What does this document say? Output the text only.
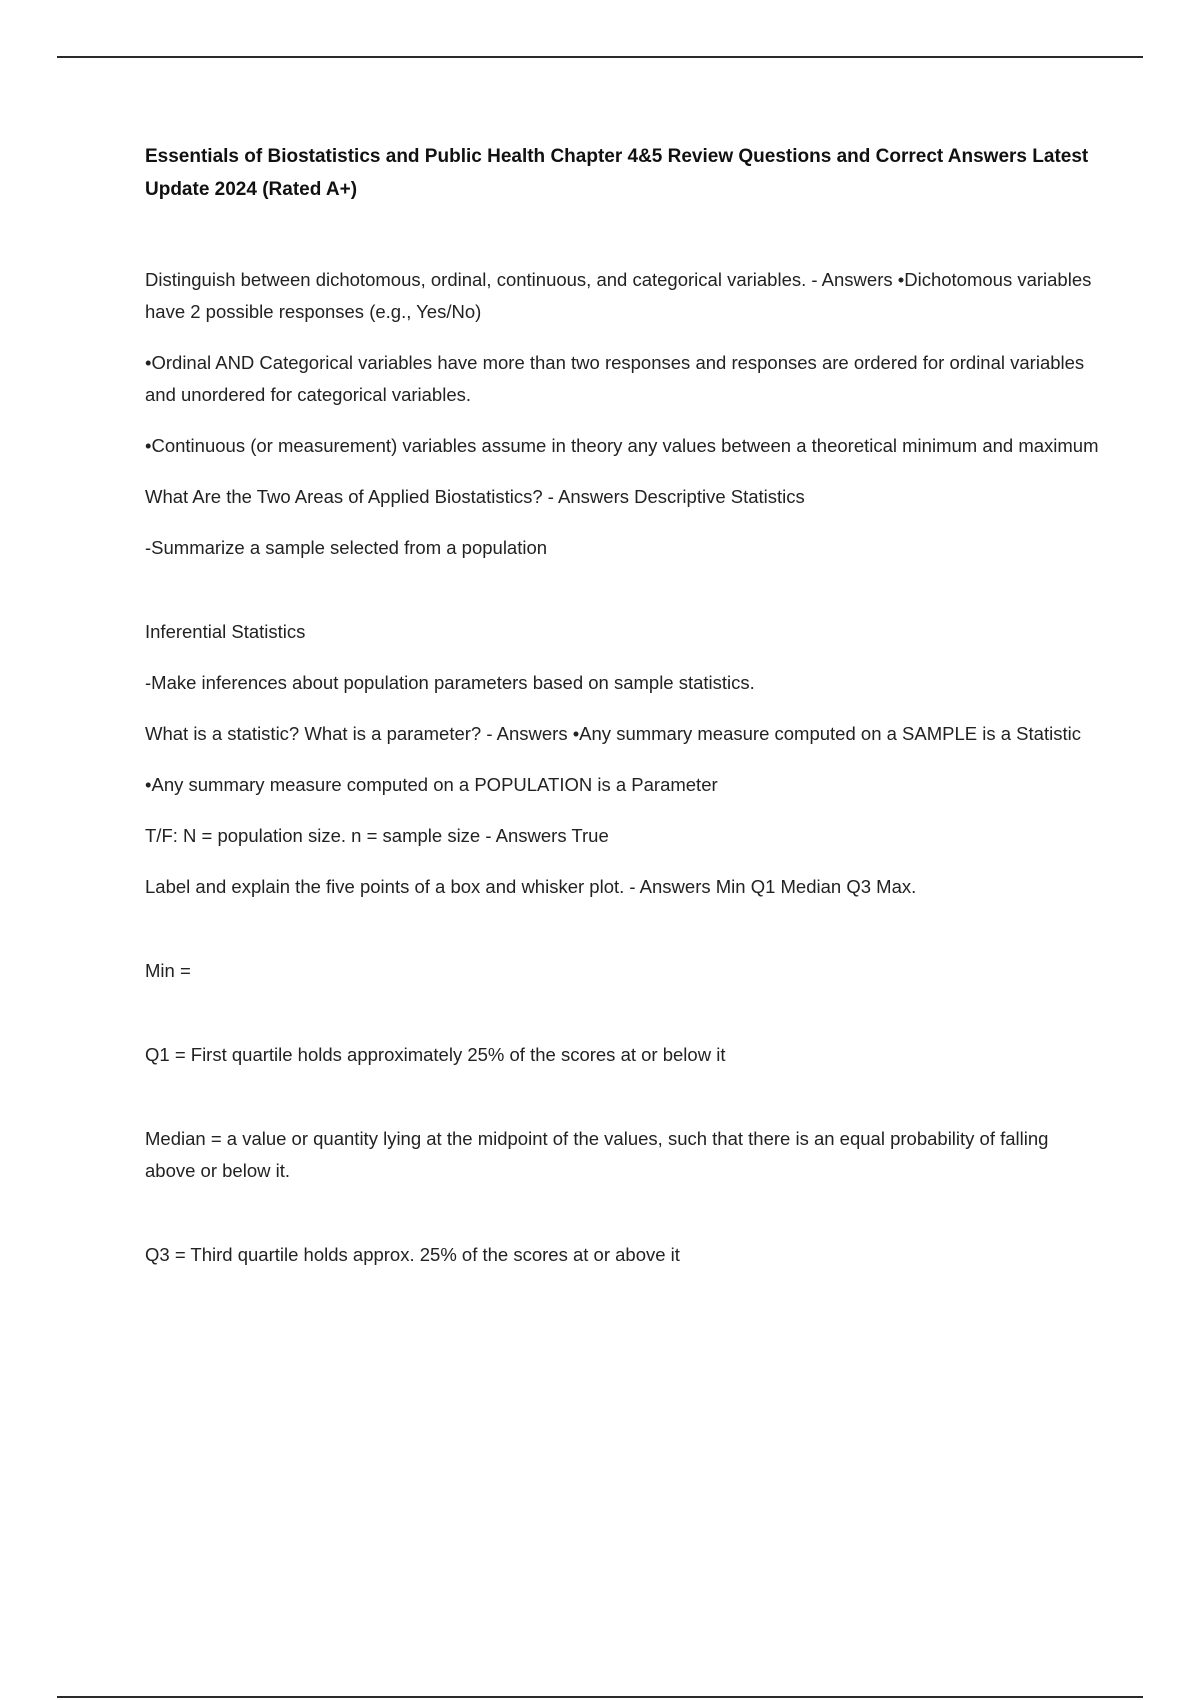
Essentials of Biostatistics and Public Health Chapter 4&5 Review Questions and Correct Answers Latest Update 2024 (Rated A+)

Distinguish between dichotomous, ordinal, continuous, and categorical variables. - Answers •Dichotomous variables have 2 possible responses (e.g., Yes/No)

•Ordinal AND Categorical variables have more than two responses and responses are ordered for ordinal variables and unordered for categorical variables.

•Continuous (or measurement) variables assume in theory any values between a theoretical minimum and maximum

What Are the Two Areas of Applied Biostatistics? - Answers Descriptive Statistics

-Summarize a sample selected from a population

Inferential Statistics

-Make inferences about population parameters based on sample statistics.

What is a statistic? What is a parameter? - Answers •Any summary measure computed on a SAMPLE is a Statistic

•Any summary measure computed on a POPULATION is a Parameter

T/F: N = population size. n = sample size - Answers True

Label and explain the five points of a box and whisker plot. - Answers Min Q1 Median Q3 Max.

Min =

Q1 = First quartile holds approximately 25% of the scores at or below it

Median = a value or quantity lying at the midpoint of the values, such that there is an equal probability of falling above or below it.

Q3 = Third quartile holds approx. 25% of the scores at or above it
